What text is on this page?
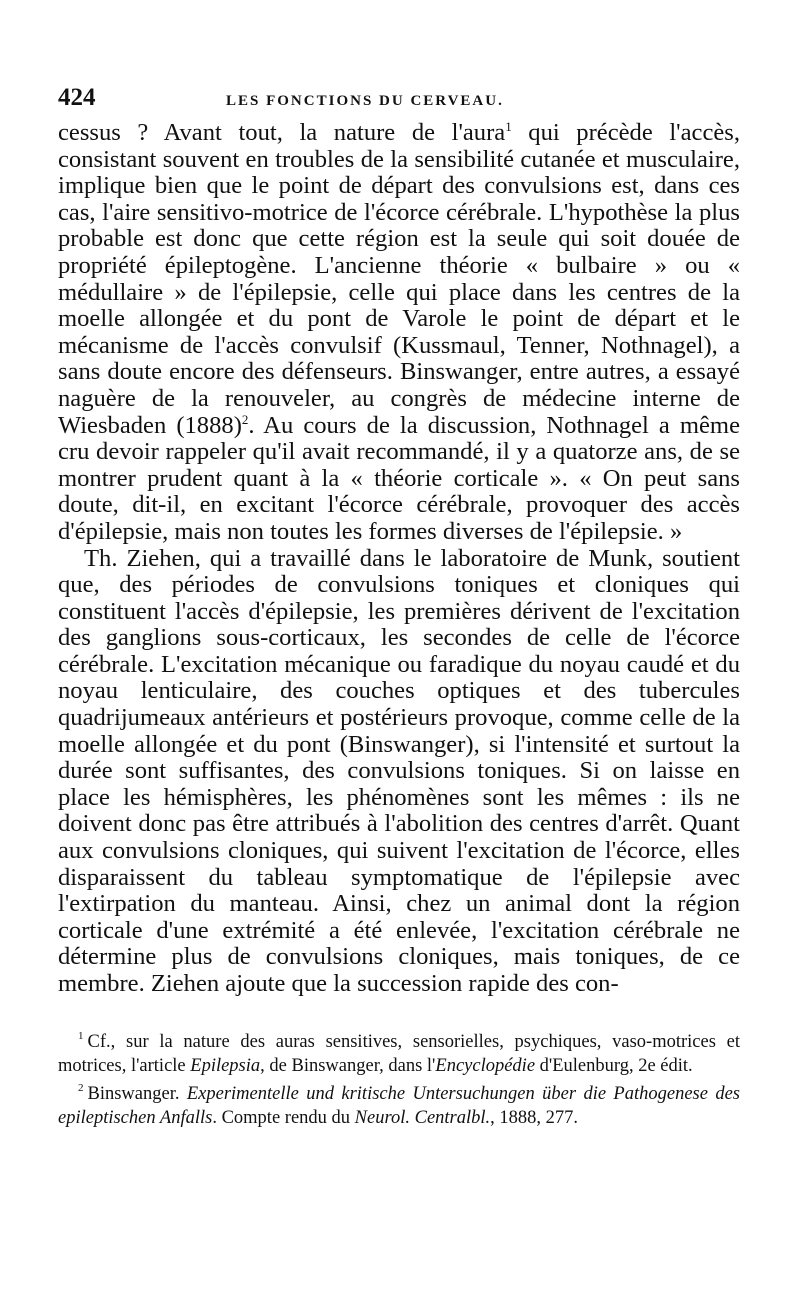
424	LES FONCTIONS DU CERVEAU.

cessus ? Avant tout, la nature de l'aura$^1$ qui précède l'accès, consistant souvent en troubles de la sensibilité cutanée et musculaire, implique bien que le point de départ des convulsions est, dans ces cas, l'aire sensitivo-motrice de l'écorce cérébrale. L'hypothèse la plus probable est donc que cette région est la seule qui soit douée de propriété épileptogène. L'ancienne théorie « bulbaire » ou « médullaire » de l'épilepsie, celle qui place dans les centres de la moelle allongée et du pont de Varole le point de départ et le mécanisme de l'accès convulsif (Kussmaul, Tenner, Nothnagel), a sans doute encore des défenseurs. Binswanger, entre autres, a essayé naguère de la renouveler, au congrès de médecine interne de Wiesbaden $(1888)^2$. Au cours de la discussion, Nothnagel a même cru devoir rappeler qu'il avait recommandé, il y a quatorze ans, de se montrer prudent quant à la « théorie corticale ». « On peut sans doute, dit-il, en excitant l'écorce cérébrale, provoquer des accès d'épilepsie, mais non toutes les formes diverses de l'épilepsie. »

Th. Ziehen, qui a travaillé dans le laboratoire de Munk, soutient que, des périodes de convulsions toniques et cloniques qui constituent l'accès d'épilepsie, les premières dérivent de l'excitation des ganglions sous-corticaux, les secondes de celle de l'écorce cérébrale. L'excitation mécanique ou faradique du noyau caudé et du noyau lenticulaire, des couches optiques et des tubercules quadrijumeaux antérieurs et postérieurs provoque, comme celle de la moelle allongée et du pont (Binswanger), si l'intensité et surtout la durée sont suffisantes, des convulsions toniques. Si on laisse en place les hémisphères, les phénomènes sont les mêmes : ils ne doivent donc pas être attribués à l'abolition des centres d'arrêt. Quant aux convulsions cloniques, qui suivent l'excitation de l'écorce, elles disparaissent du tableau symptomatique de l'épilepsie avec l'extirpation du manteau. Ainsi, chez un animal dont la région corticale d'une extrémité a été enlevée, l'excitation cérébrale ne détermine plus de convulsions cloniques, mais toniques, de ce membre. Ziehen ajoute que la succession rapide des con-

$^1$ Cf., sur la nature des auras sensitives, sensorielles, psychiques, vaso-motrices et motrices, l'article Epilepsia, de Binswanger, dans l'Encyclopédie d'Eulenburg, 2e édit.

$^2$ Binswanger. Experimentelle und kritische Untersuchungen über die Pathogenese des epileptischen Anfalls. Compte rendu du Neurol. Centralbl., 1888, 277.
